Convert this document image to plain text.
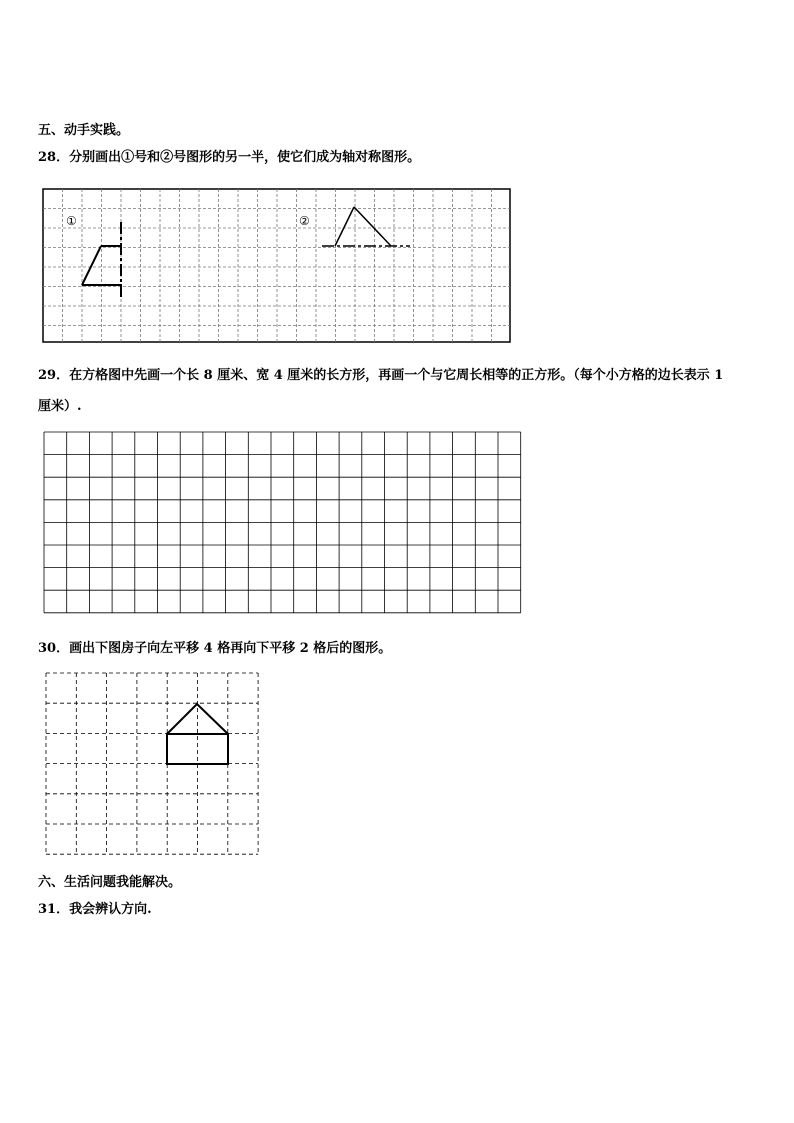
五、动手实践。
28．分别画出①号和②号图形的另一半，使它们成为轴对称图形。
①	②
29．在方格图中先画一个长 8 厘米、宽 4 厘米的长方形，再画一个与它周长相等的正方形。（每个小方格的边长表示 1
厘米）.
30．画出下图房子向左平移 4 格再向下平移 2 格后的图形。
六、生活问题我能解决。
31．我会辨认方向.
